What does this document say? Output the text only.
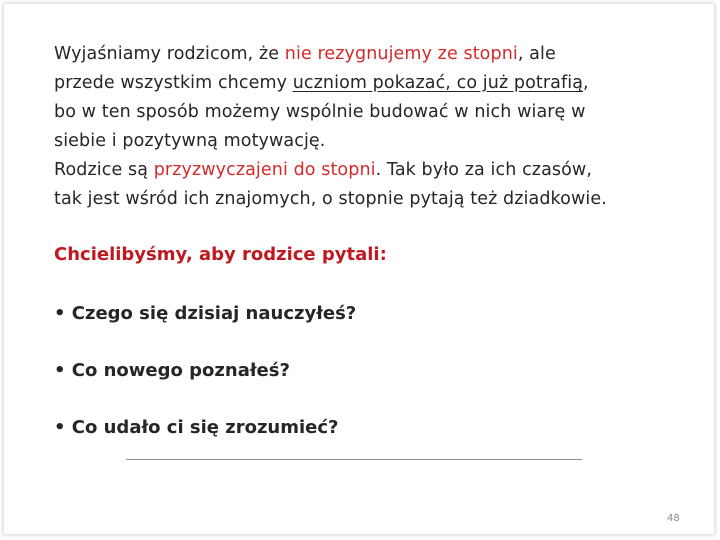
Wyjaśniamy rodzicom, że nie rezygnujemy ze stopni, ale
przede wszystkim chcemy uczniom pokazać, co już potrafią,
bo w ten sposób możemy wspólnie budować w nich wiarę w
siebie i pozytywną motywację.
Rodzice są przyzwyczajeni do stopni. Tak było za ich czasów,
tak jest wśród ich znajomych, o stopnie pytają też dziadkowie.
Chcielibyśmy, aby rodzice pytali:
• Czego się dzisiaj nauczyłeś?
• Co nowego poznałeś?
• Co udało ci się zrozumieć?
48
